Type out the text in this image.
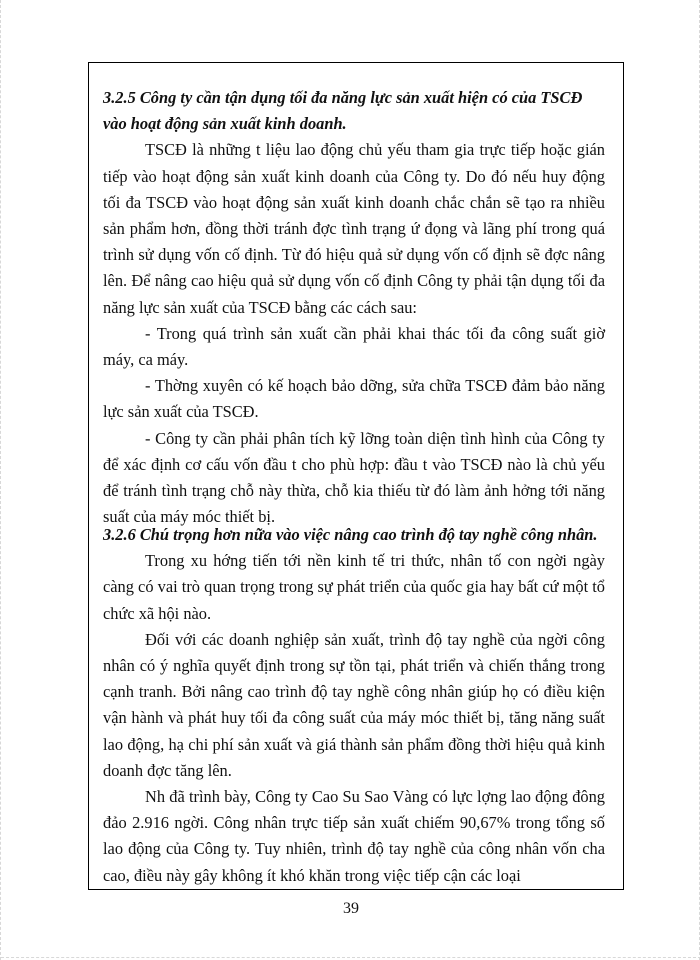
3.2.5 Công ty cần tận dụng tối đa năng lực sản xuất hiện có của TSCĐ vào hoạt động sản xuất kinh doanh.

TSCĐ là những t liệu lao động chủ yếu tham gia trực tiếp hoặc gián tiếp vào hoạt động sản xuất kinh doanh của Công ty. Do đó nếu huy động tối đa TSCĐ vào hoạt động sản xuất kinh doanh chắc chắn sẽ tạo ra nhiều sản phẩm hơn, đồng thời tránh đợc tình trạng ứ đọng và lãng phí trong quá trình sử dụng vốn cố định. Từ đó hiệu quả sử dụng vốn cố định sẽ đợc nâng lên. Để nâng cao hiệu quả sử dụng vốn cố định Công ty phải tận dụng tối đa năng lực sản xuất của TSCĐ bằng các cách sau:

- Trong quá trình sản xuất cần phải khai thác tối đa công suất giờ máy, ca máy.

- Thờng xuyên có kế hoạch bảo dỡng, sửa chữa TSCĐ đảm bảo năng lực sản xuất của TSCĐ.

- Công ty cần phải phân tích kỹ lỡng toàn diện tình hình của Công ty để xác định cơ cấu vốn đầu t cho phù hợp: đầu t vào TSCĐ nào là chủ yếu để tránh tình trạng chỗ này thừa, chỗ kia thiếu từ đó làm ảnh hởng tới năng suất của máy móc thiết bị.

3.2.6 Chú trọng hơn nữa vào việc nâng cao trình độ tay nghề công nhân.

Trong xu hớng tiến tới nền kinh tế tri thức, nhân tố con ngời ngày càng có vai trò quan trọng trong sự phát triển của quốc gia hay bất cứ một tổ chức xã hội nào.

Đối với các doanh nghiệp sản xuất, trình độ tay nghề của ngời công nhân có ý nghĩa quyết định trong sự tồn tại, phát triển và chiến thắng trong cạnh tranh. Bởi nâng cao trình độ tay nghề công nhân giúp họ có điều kiện vận hành và phát huy tối đa công suất của máy móc thiết bị, tăng năng suất lao động, hạ chi phí sản xuất và giá thành sản phẩm đồng thời hiệu quả kinh doanh đợc tăng lên.

Nh đã trình bày, Công ty Cao Su Sao Vàng có lực lợng lao động đông đảo 2.916 ngời. Công nhân trực tiếp sản xuất chiếm 90,67% trong tổng số lao động của Công ty. Tuy nhiên, trình độ tay nghề của công nhân vốn cha cao, điều này gây không ít khó khăn trong việc tiếp cận các loại

39
